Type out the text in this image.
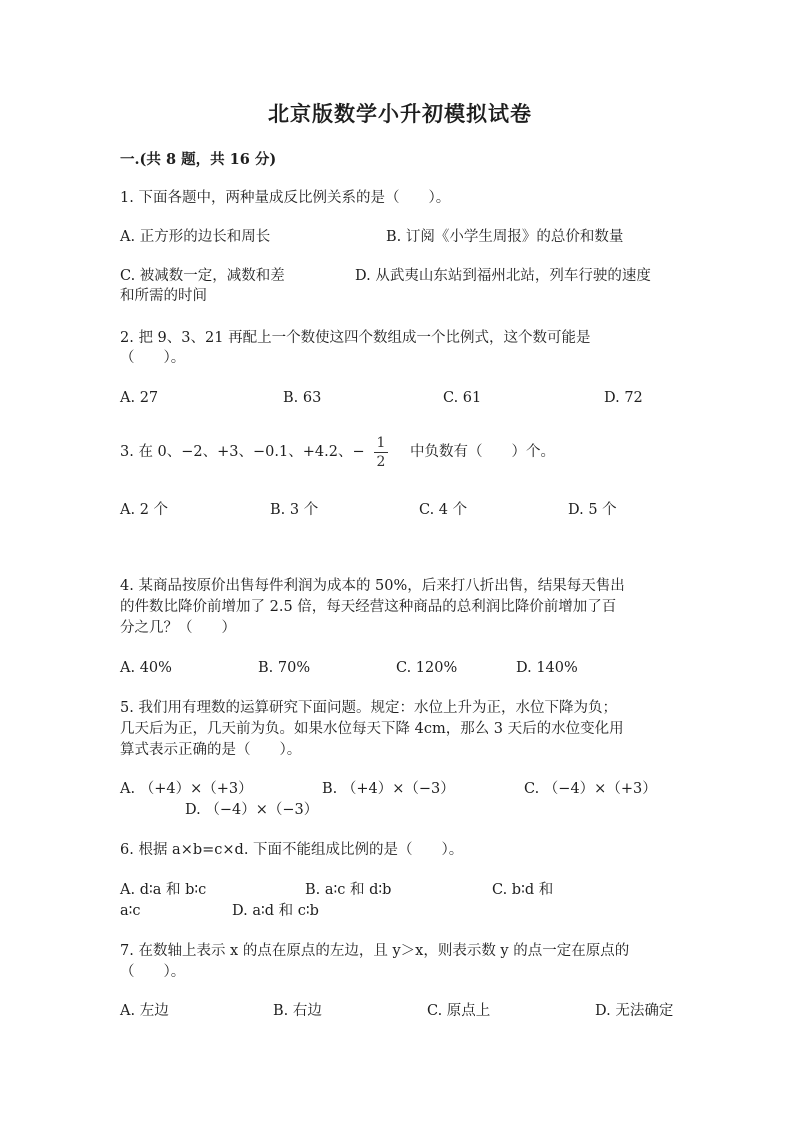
北京版数学小升初模拟试卷
一.(共 8 题，共 16 分)
1. 下面各题中，两种量成反比例关系的是（　　）。
A. 正方形的边长和周长	B. 订阅《小学生周报》的总价和数量
C. 被减数一定，减数和差	D. 从武夷山东站到福州北站，列车行驶的速度
和所需的时间
2. 把 9、3、21 再配上一个数使这四个数组成一个比例式，这个数可能是
（　　）。
A. 27	B. 63	C. 61	D. 72
3. 在 0、−2、+3、−0.1、+4.2、−
1
2
中负数有（　　）个。
A. 2 个	B. 3 个	C. 4 个	D. 5 个
4. 某商品按原价出售每件利润为成本的 50%，后来打八折出售，结果每天售出
的件数比降价前增加了 2.5 倍，每天经营这种商品的总利润比降价前增加了百
分之几？（　　）
A. 40%	B. 70%	C. 120%	D. 140%
5. 我们用有理数的运算研究下面问题。规定：水位上升为正，水位下降为负；
几天后为正，几天前为负。如果水位每天下降 4cm，那么 3 天后的水位变化用
算式表示正确的是（　　）。
A. （+4）×（+3）	B. （+4）×（−3）	C. （−4）×（+3）
D. （−4）×（−3）
6. 根据 a×b=c×d. 下面不能组成比例的是（　　）。
A. d∶a 和 b∶c	B. a∶c 和 d∶b	C. b∶d 和
a∶c	D. a∶d 和 c∶b
7. 在数轴上表示 x 的点在原点的左边，且 y＞x，则表示数 y 的点一定在原点的
（　　）。
A. 左边	B. 右边	C. 原点上	D. 无法确定
